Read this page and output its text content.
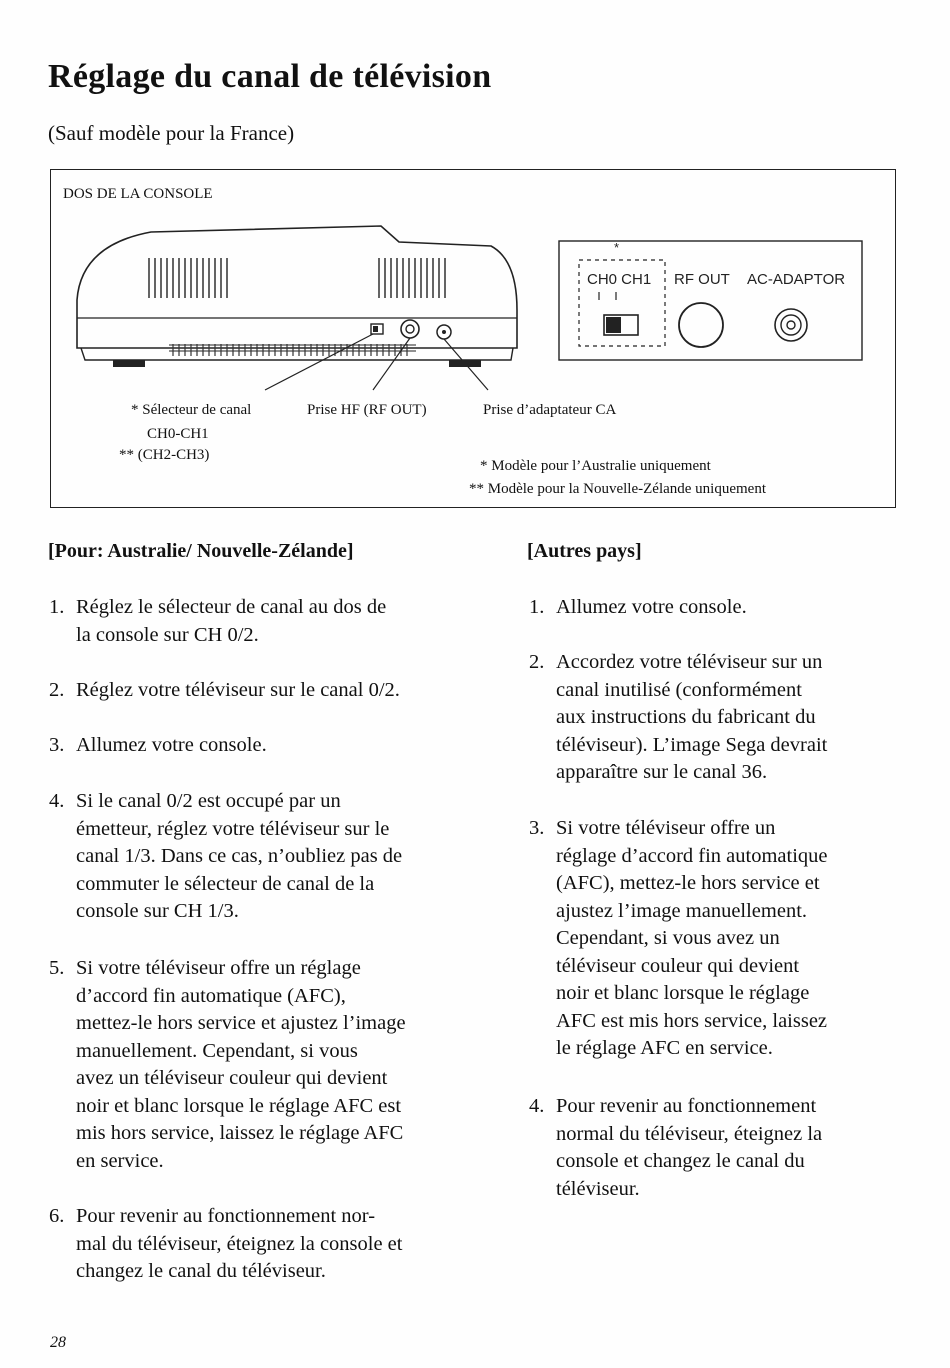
Réglage du canal de télévision
(Sauf modèle pour la France)
DOS DE LA CONSOLE
*
CH0 CH1 RF OUT AC-ADAPTOR
* Sélecteur de canal
CH0-CH1
** (CH2-CH3)
Prise HF (RF OUT)	Prise d’adaptateur CA
* Modèle pour l’Australie uniquement
** Modèle pour la Nouvelle-Zélande uniquement
[Pour: Australie/ Nouvelle-Zélande]
1. Réglez le sélecteur de canal au dos de
la console sur CH 0/2.
2. Réglez votre téléviseur sur le canal 0/2.
3. Allumez votre console.
4. Si le canal 0/2 est occupé par un
émetteur, réglez votre téléviseur sur le
canal 1/3. Dans ce cas, n’oubliez pas de
commuter le sélecteur de canal de la
console sur CH 1/3.
5. Si votre téléviseur offre un réglage
d’accord fin automatique (AFC),
mettez-le hors service et ajustez l’image
manuellement. Cependant, si vous
avez un téléviseur couleur qui devient
noir et blanc lorsque le réglage AFC est
mis hors service, laissez le réglage AFC
en service.
6. Pour revenir au fonctionnement nor-
mal du téléviseur, éteignez la console et
changez le canal du téléviseur.
[Autres pays]
1. Allumez votre console.
2. Accordez votre téléviseur sur un
canal inutilisé (conformément
aux instructions du fabricant du
téléviseur). L’image Sega devrait
apparaître sur le canal 36.
3. Si votre téléviseur offre un
réglage d’accord fin automatique
(AFC), mettez-le hors service et
ajustez l’image manuellement.
Cependant, si vous avez un
téléviseur couleur qui devient
noir et blanc lorsque le réglage
AFC est mis hors service, laissez
le réglage AFC en service.
4. Pour revenir au fonctionnement
normal du téléviseur, éteignez la
console et changez le canal du
téléviseur.
28
